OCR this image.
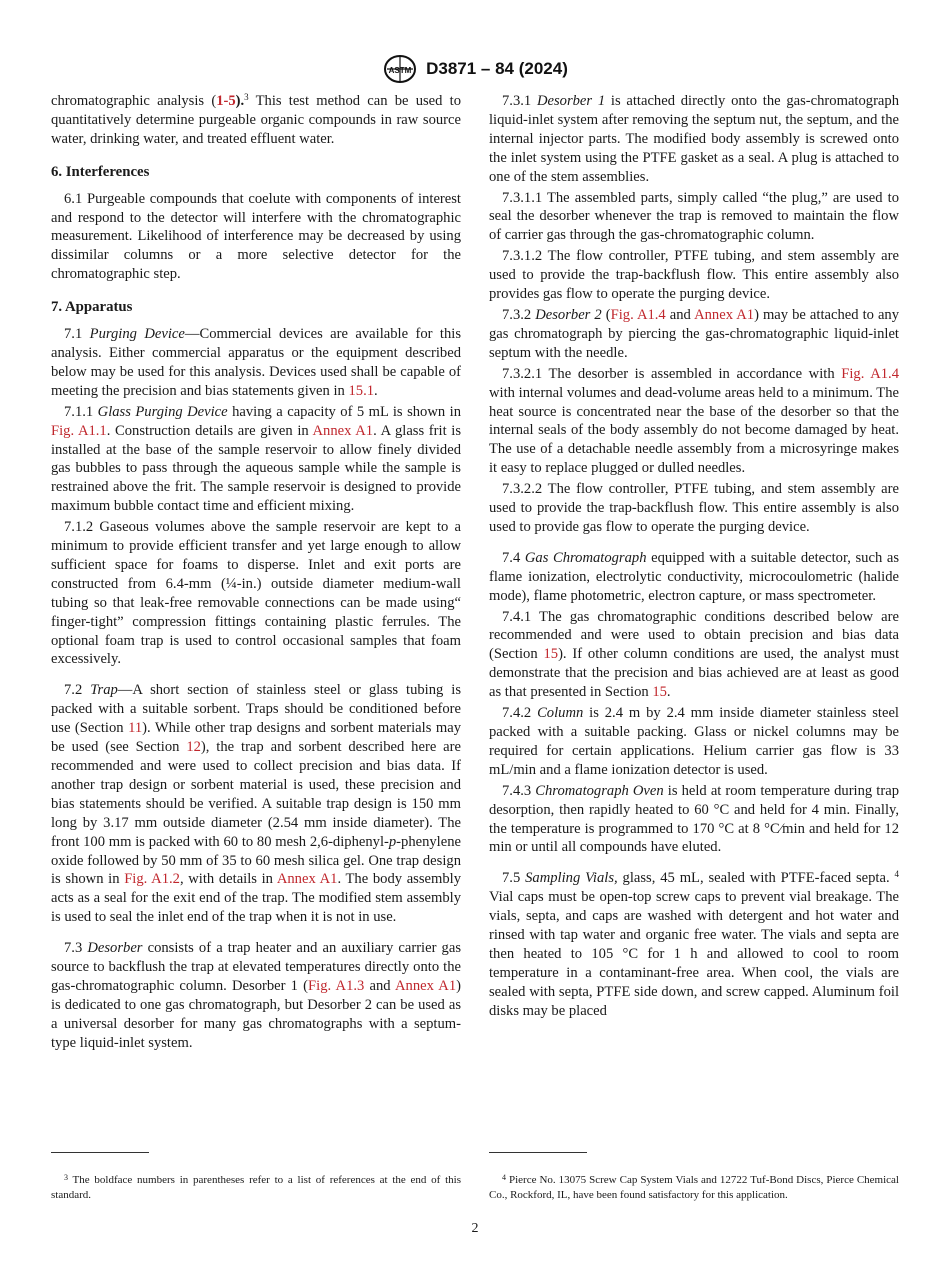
ASTM D3871 – 84 (2024)

chromatographic analysis (1-5).$^3$ This test method can be used to quantitatively determine purgeable organic compounds in raw source water, drinking water, and treated effluent water.

6. Interferences

6.1 Purgeable compounds that coelute with components of interest and respond to the detector will interfere with the chromatographic measurement. Likelihood of interference may be decreased by using dissimilar columns or a more selective detector for the chromatographic step.

7. Apparatus

7.1 Purging Device—Commercial devices are available for this analysis. Either commercial apparatus or the equipment described below may be used for this analysis. Devices used shall be capable of meeting the precision and bias statements given in 15.1.

7.1.1 Glass Purging Device having a capacity of 5 mL is shown in Fig. A1.1. Construction details are given in Annex A1. A glass frit is installed at the base of the sample reservoir to allow finely divided gas bubbles to pass through the aqueous sample while the sample is restrained above the frit. The sample reservoir is designed to provide maximum bubble contact time and efficient mixing.

7.1.2 Gaseous volumes above the sample reservoir are kept to a minimum to provide efficient transfer and yet large enough to allow sufficient space for foams to disperse. Inlet and exit ports are constructed from 6.4-mm (¼-in.) outside diameter medium-wall tubing so that leak-free removable connections can be made using“ finger-tight” compression fittings containing plastic ferrules. The optional foam trap is used to control occasional samples that foam excessively.

7.2 Trap—A short section of stainless steel or glass tubing is packed with a suitable sorbent. Traps should be conditioned before use (Section 11). While other trap designs and sorbent materials may be used (see Section 12), the trap and sorbent described here are recommended and were used to collect precision and bias data. If another trap design or sorbent material is used, these precision and bias statements should be verified. A suitable trap design is 150 mm long by 3.17 mm outside diameter (2.54 mm inside diameter). The front 100 mm is packed with 60 to 80 mesh 2,6-diphenyl-p-phenylene oxide followed by 50 mm of 35 to 60 mesh silica gel. One trap design is shown in Fig. A1.2, with details in Annex A1. The body assembly acts as a seal for the exit end of the trap. The modified stem assembly is used to seal the inlet end of the trap when it is not in use.

7.3 Desorber consists of a trap heater and an auxiliary carrier gas source to backflush the trap at elevated temperatures directly onto the gas-chromatographic column. Desorber 1 (Fig. A1.3 and Annex A1) is dedicated to one gas chromatograph, but Desorber 2 can be used as a universal desorber for many gas chromatographs with a septum-type liquid-inlet system.

7.3.1 Desorber 1 is attached directly onto the gas-chromatograph liquid-inlet system after removing the septum nut, the septum, and the internal injector parts. The modified body assembly is screwed onto the inlet system using the PTFE gasket as a seal. A plug is attached to one of the stem assemblies.

7.3.1.1 The assembled parts, simply called “the plug,” are used to seal the desorber whenever the trap is removed to maintain the flow of carrier gas through the gas-chromatographic column.

7.3.1.2 The flow controller, PTFE tubing, and stem assembly are used to provide the trap-backflush flow. This entire assembly also provides gas flow to operate the purging device.

7.3.2 Desorber 2 (Fig. A1.4 and Annex A1) may be attached to any gas chromatograph by piercing the gas-chromatographic liquid-inlet septum with the needle.

7.3.2.1 The desorber is assembled in accordance with Fig. A1.4 with internal volumes and dead-volume areas held to a minimum. The heat source is concentrated near the base of the desorber so that the internal seals of the body assembly do not become damaged by heat. The use of a detachable needle assembly from a microsyringe makes it easy to replace plugged or dulled needles.

7.3.2.2 The flow controller, PTFE tubing, and stem assembly are used to provide the trap-backflush flow. This entire assembly is also used to provide gas flow to operate the purging device.

7.4 Gas Chromatograph equipped with a suitable detector, such as flame ionization, electrolytic conductivity, microcoulometric (halide mode), flame photometric, electron capture, or mass spectrometer.

7.4.1 The gas chromatographic conditions described below are recommended and were used to obtain precision and bias data (Section 15). If other column conditions are used, the analyst must demonstrate that the precision and bias achieved are at least as good as that presented in Section 15.

7.4.2 Column is 2.4 m by 2.4 mm inside diameter stainless steel packed with a suitable packing. Glass or nickel columns may be required for certain applications. Helium carrier gas flow is 33 mL/min and a flame ionization detector is used.

7.4.3 Chromatograph Oven is held at room temperature during trap desorption, then rapidly heated to 60 °C and held for 4 min. Finally, the temperature is programmed to 170 °C at 8 °C⁄min and held for 12 min or until all compounds have eluted.

7.5 Sampling Vials, glass, 45 mL, sealed with PTFE-faced septa. $^4$ Vial caps must be open-top screw caps to prevent vial breakage. The vials, septa, and caps are washed with detergent and hot water and rinsed with tap water and organic free water. The vials and septa are then heated to 105 °C for 1 h and allowed to cool to room temperature in a contaminant-free area. When cool, the vials are sealed with septa, PTFE side down, and screw capped. Aluminum foil disks may be placed

$^3$ The boldface numbers in parentheses refer to a list of references at the end of this standard.

$^4$ Pierce No. 13075 Screw Cap System Vials and 12722 Tuf-Bond Discs, Pierce Chemical Co., Rockford, IL, have been found satisfactory for this application.

2
